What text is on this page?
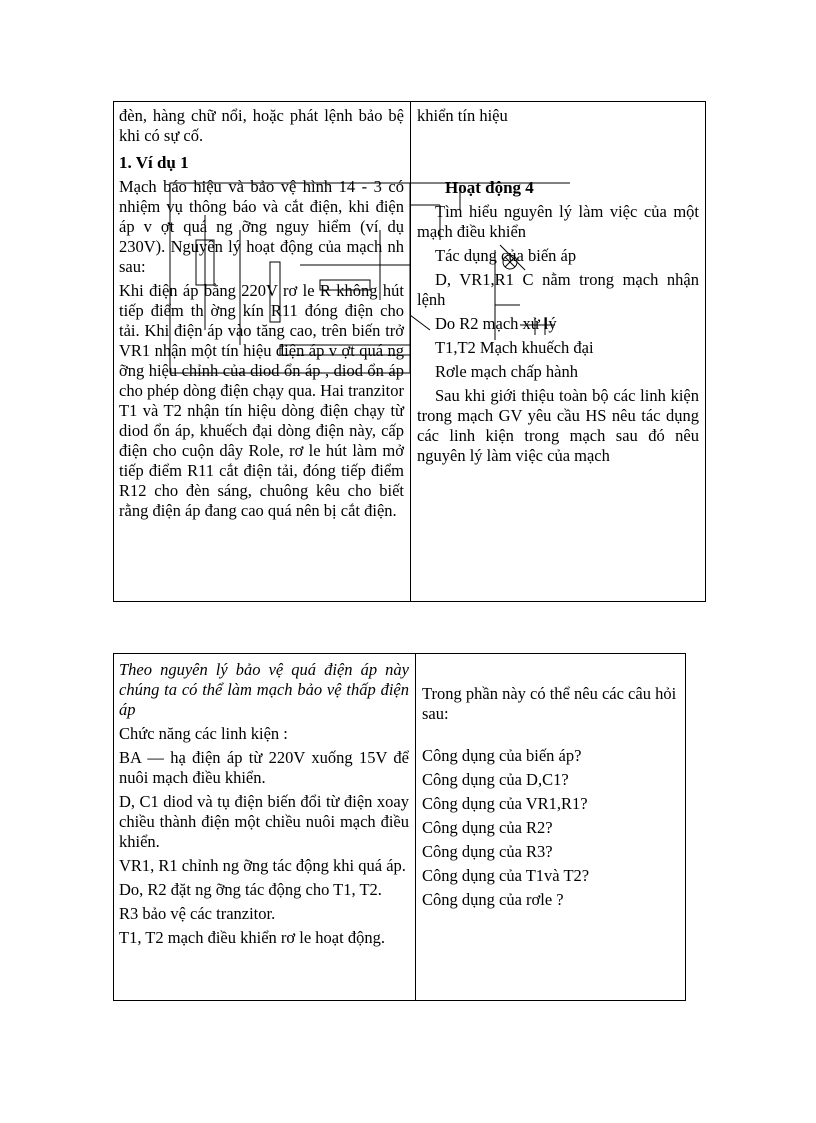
đèn, hàng chữ nổi, hoặc phát lệnh bảo bệ khi có sự cố.

1. Ví dụ 1

Mạch báo hiệu và bảo vệ hình 14 - 3 có nhiệm vụ thông báo và cắt điện, khi điện áp v ợt quá ng ỡng nguy hiểm (ví dụ 230V). Nguyên lý hoạt động của mạch nh sau:

Khi điện áp bằng 220V rơ le R không hút tiếp điểm th ờng kín R11 đóng điện cho tải. Khi điện áp vào tăng cao, trên biến trở VR1 nhận một tín hiệu điện áp v ợt quá ng ỡng hiệu chỉnh của diod ổn áp , diod ổn áp cho phép dòng điện chạy qua. Hai tranzitor T1 và T2 nhận tín hiệu dòng điện chạy từ diod ổn áp, khuếch đại dòng điện này, cấp điện cho cuộn dây Role, rơ le hút làm mở tiếp điểm R11 cắt điện tải, đóng tiếp điểm R12 cho đèn sáng, chuông kêu cho biết rằng điện áp đang cao quá nên bị cắt điện.

khiển tín hiệu

Hoạt động 4

Tìm hiểu nguyên lý làm việc của một mạch điều khiển

Tác dụng của biến áp

D, VR1,R1 C nằm trong mạch nhận lệnh

Do R2 mạch xử lý

T1,T2 Mạch khuếch đại

Rơle mạch chấp hành

Sau khi giới thiệu toàn bộ các linh kiện trong mạch GV yêu cầu HS nêu tác dụng các linh kiện trong mạch sau đó nêu nguyên lý làm việc của mạch

Theo nguyên lý bảo vệ quá điện áp này chúng ta có thể làm mạch bảo vệ thấp điện áp

Chức năng các linh kiện :

BA — hạ điện áp từ 220V xuống 15V để nuôi mạch điều khiển.

D, C1 diod và tụ điện biến đổi từ điện xoay chiều thành điện một chiều nuôi mạch điều khiển.

VR1, R1 chỉnh ng ỡng tác động khi quá áp.

Do, R2 đặt ng ỡng tác động cho T1, T2.

R3 bảo vệ các tranzitor.

T1, T2 mạch điều khiển rơ le hoạt động.

Trong phần này có thể nêu các câu hỏi sau:

Công dụng của biến áp?

Công dụng của D,C1?

Công dụng của VR1,R1?

Công dụng của R2?

Công dụng của R3?

Công dụng của T1và T2?

Công dụng của rơle ?
